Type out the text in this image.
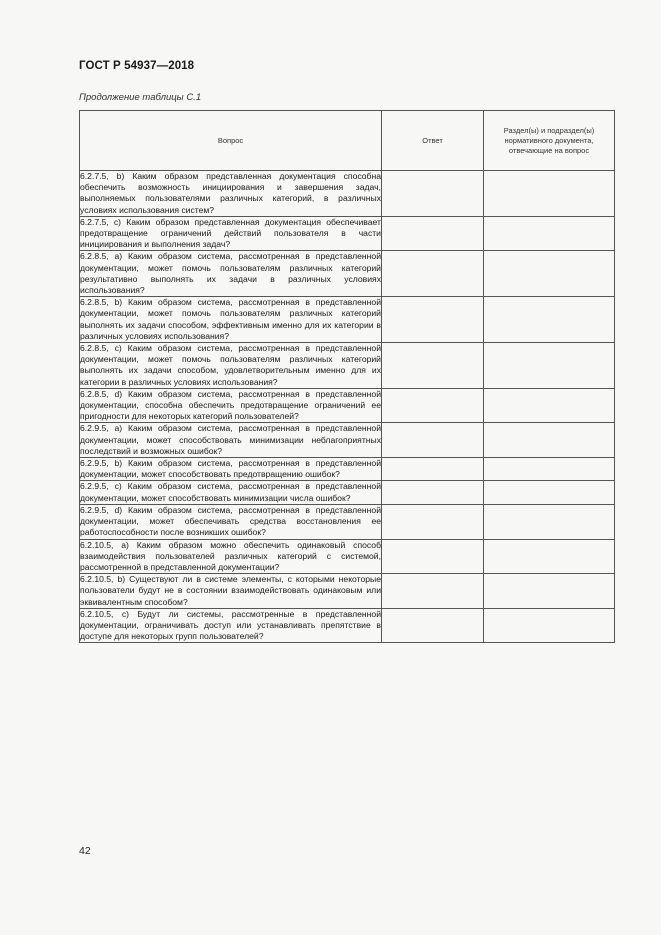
ГОСТ Р 54937—2018
Продолжение таблицы С.1
Вопрос	Ответ	Раздел(ы) и подраздел(ы) нормативного документа, отвечающие на вопрос
6.2.7.5, b) Каким образом представленная документация способна обеспечить возможность инициирования и завершения задач, выполняемых пользователями различных категорий, в различных условиях использования систем?		
6.2.7.5, c) Каким образом представленная документация обеспечивает предотвращение ограничений действий пользователя в части инициирования и выполнения задач?		
6.2.8.5, a) Каким образом система, рассмотренная в представленной документации, может помочь пользователям различных категорий результативно выполнять их задачи в различных условиях использования?		
6.2.8.5, b) Каким образом система, рассмотренная в представленной документации, может помочь пользователям различных категорий выполнять их задачи способом, эффективным именно для их категории в различных условиях использования?		
6.2.8.5, c) Каким образом система, рассмотренная в представленной документации, может помочь пользователям различных категорий выполнять их задачи способом, удовлетворительным именно для их категории в различных условиях использования?		
6.2.8.5, d) Каким образом система, рассмотренная в представленной документации, способна обеспечить предотвращение ограничений ее пригодности для некоторых категорий пользователей?		
6.2.9.5, a) Каким образом система, рассмотренная в представленной документации, может способствовать минимизации неблагоприятных последствий и возможных ошибок?		
6.2.9.5, b) Каким образом система, рассмотренная в представленной документации, может способствовать предотвращению ошибок?		
6.2.9.5, c) Каким образом система, рассмотренная в представленной документации, может способствовать минимизации числа ошибок?		
6.2.9.5, d) Каким образом система, рассмотренная в представленной документации, может обеспечивать средства восстановления ее работоспособности после возникших ошибок?		
6.2.10.5, a) Каким образом можно обеспечить одинаковый способ взаимодействия пользователей различных категорий с системой, рассмотренной в представленной документации?		
6.2.10.5, b) Существуют ли в системе элементы, с которыми некоторые пользователи будут не в состоянии взаимодействовать одинаковым или эквивалентным способом?		
6.2.10.5, c) Будут ли системы, рассмотренные в представленной документации, ограничивать доступ или устанавливать препятствие в доступе для некоторых групп пользователей?		
42
